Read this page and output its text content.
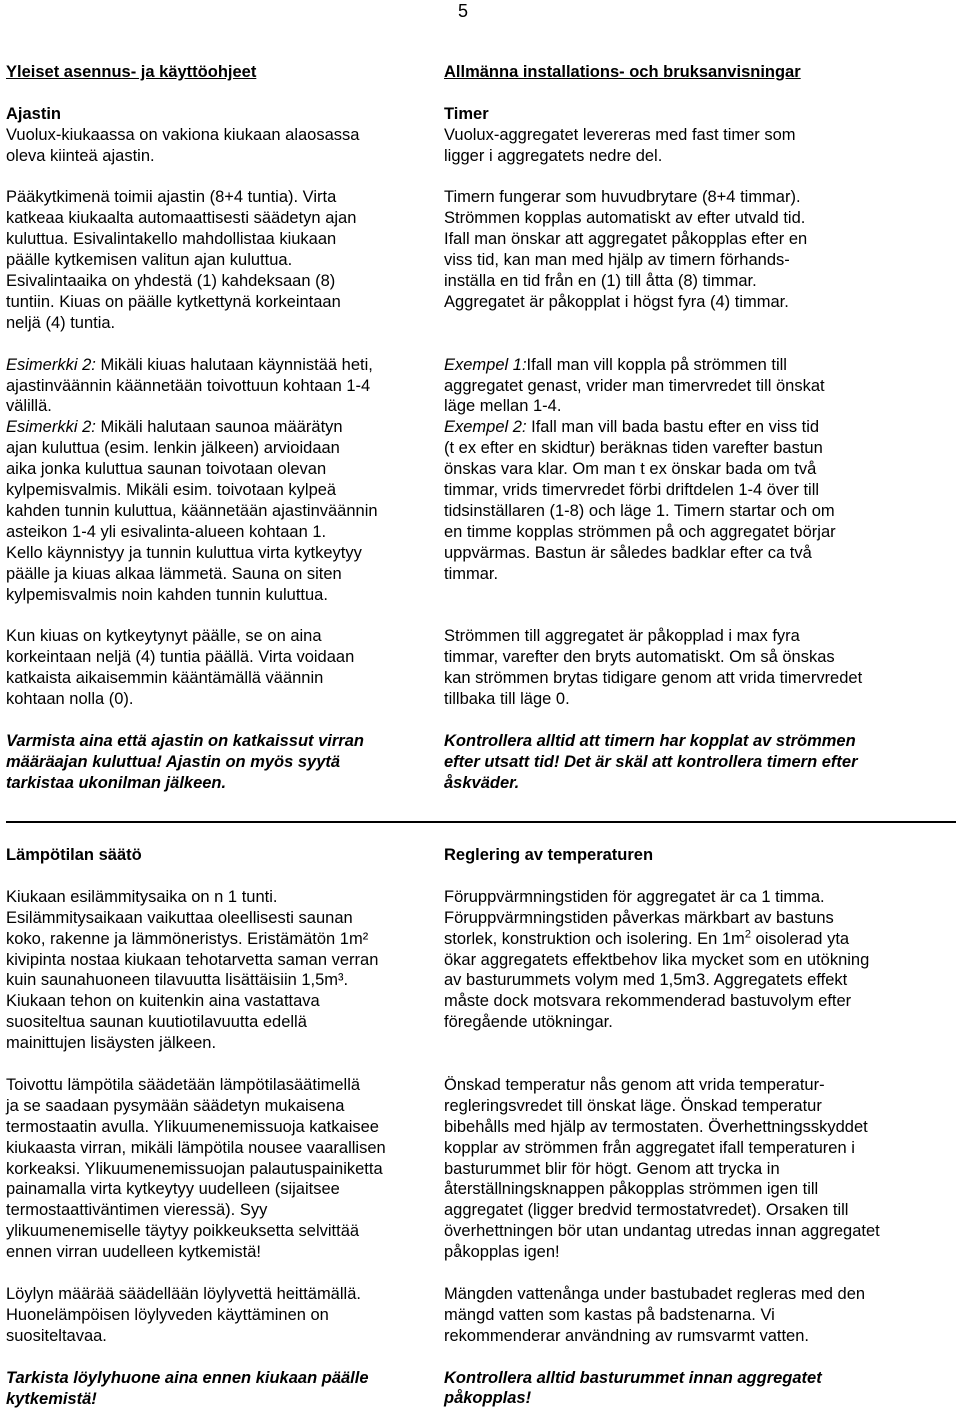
5

Yleiset asennus- ja käyttöohjeet

Ajastin

Vuolux-kiukaassa on vakiona kiukaan alaosassa
oleva kiinteä ajastin.
Pääkytkimenä toimii ajastin (8+4 tuntia). Virta
katkeaa kiukaalta automaattisesti säädetyn ajan
kuluttua. Esivalintakello mahdollistaa kiukaan
päälle kytkemisen valitun ajan kuluttua.
Esivalintaaika on yhdestä (1) kahdeksaan (8)
tuntiin. Kiuas on päälle kytkettynä korkeintaan
neljä (4) tuntia.
Esimerkki 2: Mikäli kiuas halutaan käynnistää heti,
ajastinväännin käännetään toivottuun kohtaan 1-4
välillä.
Esimerkki 2: Mikäli halutaan saunoa määrätyn
ajan kuluttua (esim. lenkin jälkeen) arvioidaan
aika jonka kuluttua saunan toivotaan olevan
kylpemisvalmis. Mikäli esim. toivotaan kylpeä
kahden tunnin kuluttua, käännetään ajastinväännin
asteikon 1-4 yli esivalinta-alueen kohtaan 1.
Kello käynnistyy ja tunnin kuluttua virta kytkeytyy
päälle ja kiuas alkaa lämmetä. Sauna on siten
kylpemisvalmis noin kahden tunnin kuluttua.
Kun kiuas on kytkeytynyt päälle, se on aina
korkeintaan neljä (4) tuntia päällä. Virta voidaan
katkaista aikaisemmin kääntämällä väännin
kohtaan nolla (0).
Varmista aina että ajastin on katkaissut virran
määräajan kuluttua! Ajastin on myös syytä
tarkistaa ukonilman jälkeen.

Allmänna installations- och bruksanvisningar

Timer

Vuolux-aggregatet levereras med fast timer som
ligger i aggregatets nedre del.
Timern fungerar som huvudbrytare (8+4 timmar).
Strömmen kopplas automatiskt av efter utvald tid.
Ifall man önskar att aggregatet påkopplas efter en
viss tid, kan man med hjälp av timern förhands-
inställa en tid från en (1) till åtta (8) timmar.
Aggregatet är påkopplat i högst fyra (4) timmar.
Exempel 1:Ifall man vill koppla på strömmen till
aggregatet genast, vrider man timervredet till önskat
läge mellan 1-4.
Exempel 2: Ifall man vill bada bastu efter en viss tid
(t ex efter en skidtur) beräknas tiden varefter bastun
önskas vara klar. Om man t ex önskar bada om två
timmar, vrids timervredet förbi driftdelen 1-4 över till
tidsinställaren (1-8) och läge 1. Timern startar och om
en timme kopplas strömmen på och aggregatet börjar
uppvärmas. Bastun är således badklar efter ca två
timmar.
Strömmen till aggregatet är påkopplad i max fyra
timmar, varefter den bryts automatiskt. Om så önskas
kan strömmen brytas tidigare genom att vrida timervredet
tillbaka till läge 0.
Kontrollera alltid att timern har kopplat av strömmen
efter utsatt tid! Det är skäl att kontrollera timern efter
åskväder.

Lämpötilan säätö

Kiukaan esilämmitysaika on n 1 tunti.
Esilämmitysaikaan vaikuttaa oleellisesti saunan
koko, rakenne ja lämmöneristys. Eristämätön 1m²
kivipinta nostaa kiukaan tehotarvetta saman verran
kuin saunahuoneen tilavuutta lisättäisiin 1,5m³.
Kiukaan tehon on kuitenkin aina vastattava
suositeltua saunan kuutiotilavuutta edellä
mainittujen lisäysten jälkeen.
Toivottu lämpötila säädetään lämpötilasäätimellä
ja se saadaan pysymään säädetyn mukaisena
termostaatin avulla. Ylikuumenemissuoja katkaisee
kiukaasta virran, mikäli lämpötila nousee vaarallisen
korkeaksi. Ylikuumenemissuojan palautuspainiketta
painamalla virta kytkeytyy uudelleen (sijaitsee
termostaattiväntimen vieressä). Syy
ylikuumenemiselle täytyy poikkeuksetta selvittää
ennen virran uudelleen kytkemistä!
Löylyn määrää säädellään löylyvettä heittämällä.
Huonelämpöisen löylyveden käyttäminen on
suositeltavaa.
Tarkista löylyhuone aina ennen kiukaan päälle
kytkemistä!

Reglering av temperaturen

Föruppvärmningstiden för aggregatet är ca 1 timma.
Föruppvärmningstiden påverkas märkbart av bastuns
storlek, konstruktion och isolering. En $1m^2$ oisolerad yta
ökar aggregatets effektbehov lika mycket som en utökning
av basturummets volym med 1,5m3. Aggregatets effekt
måste dock motsvara rekommenderad bastuvolym efter
föregående utökningar.
Önskad temperatur nås genom att vrida temperatur-
regleringsvredet till önskat läge. Önskad temperatur
bibehålls med hjälp av termostaten. Överhettningsskyddet
kopplar av strömmen från aggregatet ifall temperaturen i
basturummet blir för högt. Genom att trycka in
återställningsknappen påkopplas strömmen igen till
aggregatet (ligger bredvid termostatvredet). Orsaken till
överhettningen bör utan undantag utredas innan aggregatet
påkopplas igen!
Mängden vattenånga under bastubadet regleras med den
mängd vatten som kastas på badstenarna. Vi
rekommenderar användning av rumsvarmt vatten.
Kontrollera alltid basturummet innan aggregatet
påkopplas!
